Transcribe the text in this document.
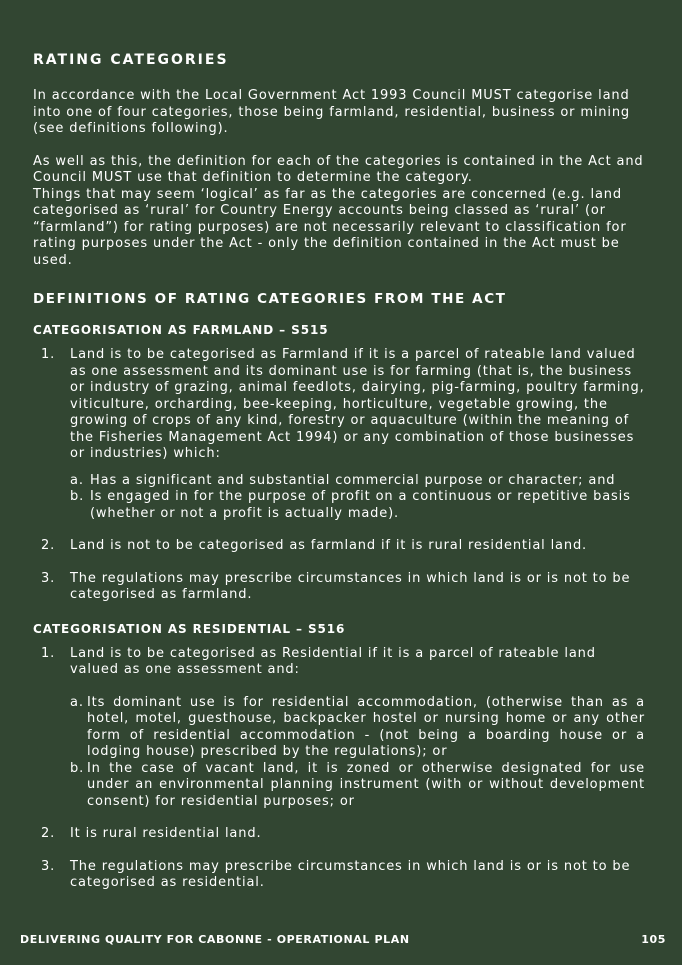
RATING CATEGORIES

In accordance with the Local Government Act 1993 Council MUST categorise land into one of four categories, those being farmland, residential, business or mining (see definitions following).

As well as this, the definition for each of the categories is contained in the Act and Council MUST use that definition to determine the category.

Things that may seem ‘logical’ as far as the categories are concerned (e.g. land categorised as ‘rural’ for Country Energy accounts being classed as ‘rural’ (or “farmland”) for rating purposes) are not necessarily relevant to classification for rating purposes under the Act - only the definition contained in the Act must be used.

DEFINITIONS OF RATING CATEGORIES FROM THE ACT
CATEGORISATION AS FARMLAND – S515
1. Land is to be categorised as Farmland if it is a parcel of rateable land valued as one assessment and its dominant use is for farming (that is, the business or industry of grazing, animal feedlots, dairying, pig-farming, poultry farming, viticulture, orcharding, bee-keeping, horticulture, vegetable growing, the growing of crops of any kind, forestry or aquaculture (within the meaning of the Fisheries Management Act 1994) or any combination of those businesses or industries) which:
a. Has a significant and substantial commercial purpose or character; and
b. Is engaged in for the purpose of profit on a continuous or repetitive basis (whether or not a profit is actually made).
2. Land is not to be categorised as farmland if it is rural residential land.
3. The regulations may prescribe circumstances in which land is or is not to be categorised as farmland.
CATEGORISATION AS RESIDENTIAL – S516
1. Land is to be categorised as Residential if it is a parcel of rateable land valued as one assessment and:
a. Its dominant use is for residential accommodation, (otherwise than as a hotel, motel, guesthouse, backpacker hostel or nursing home or any other form of residential accommodation - (not being a boarding house or a lodging house) prescribed by the regulations); or
b. In the case of vacant land, it is zoned or otherwise designated for use under an environmental planning instrument (with or without development consent) for residential purposes; or
2. It is rural residential land.
3. The regulations may prescribe circumstances in which land is or is not to be categorised as residential.
DELIVERING QUALITY FOR CABONNE - OPERATIONAL PLAN	105
